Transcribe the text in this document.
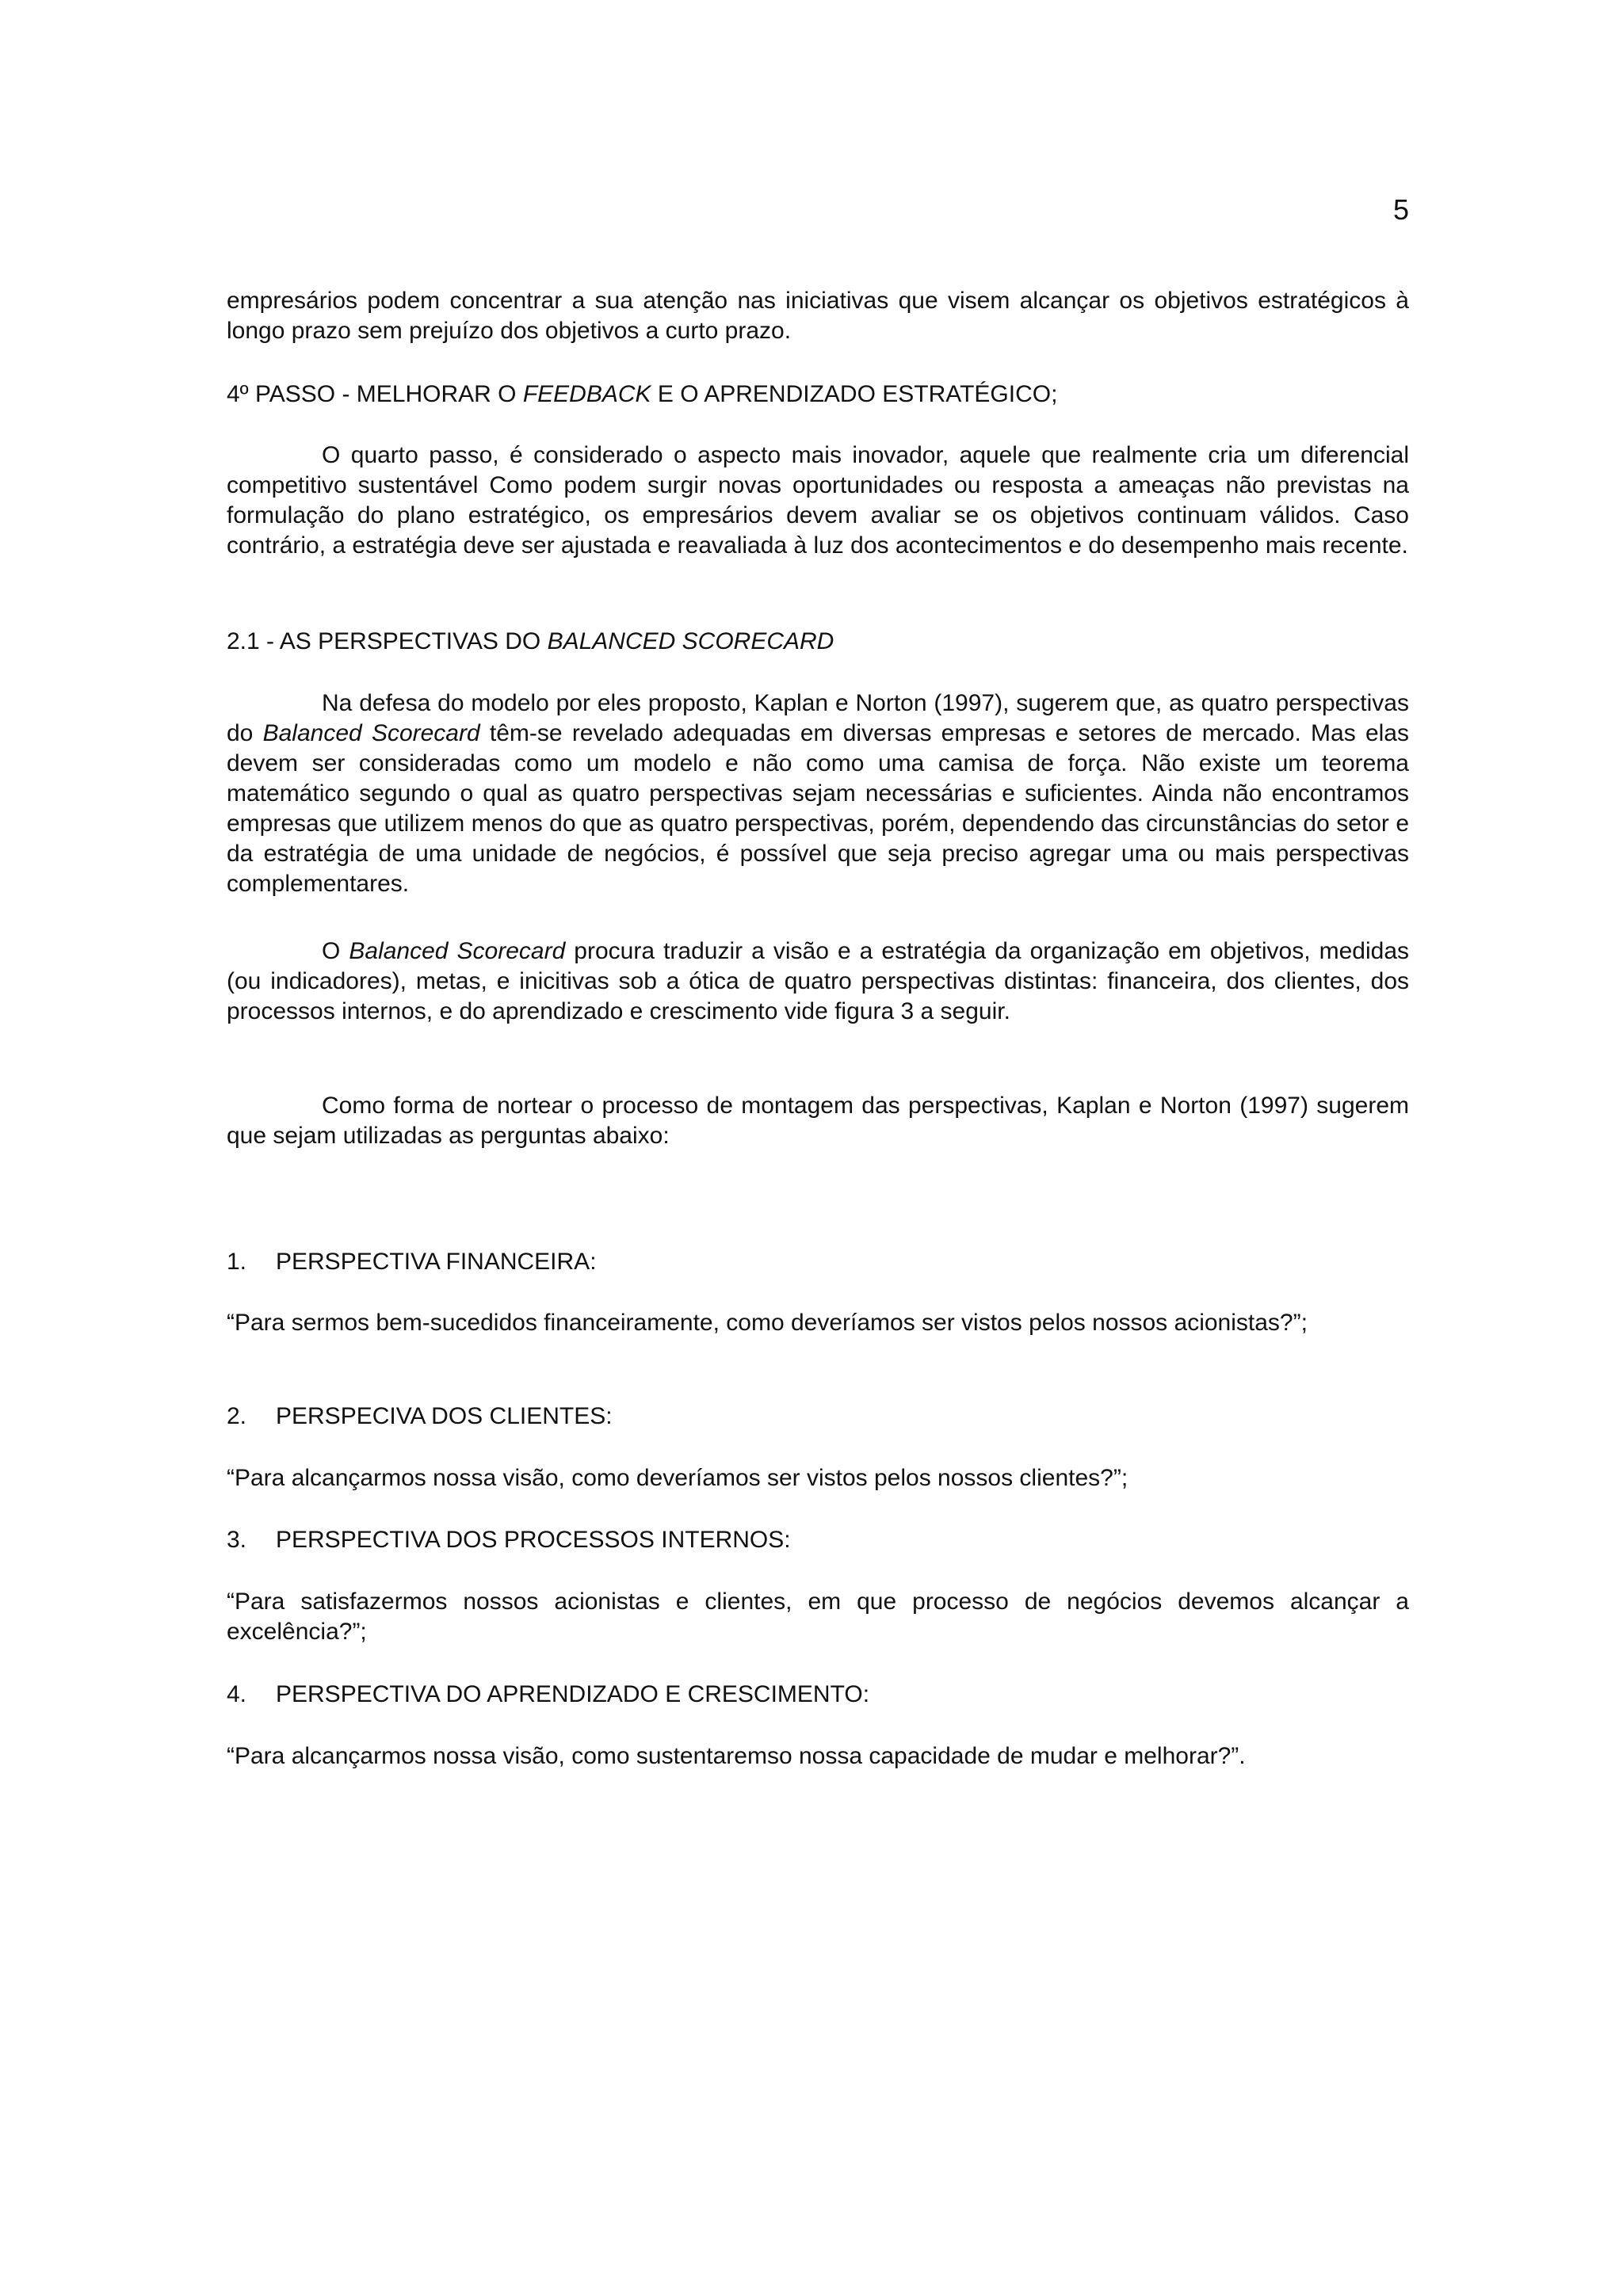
5

empresários podem concentrar a sua atenção nas iniciativas que visem alcançar os objetivos estratégicos à longo prazo sem prejuízo dos objetivos a curto prazo.

4º PASSO - MELHORAR O FEEDBACK E O APRENDIZADO ESTRATÉGICO;

O quarto passo, é considerado o aspecto mais inovador, aquele que realmente cria um diferencial competitivo sustentável Como podem surgir novas oportunidades ou resposta a ameaças não previstas na formulação do plano estratégico, os empresários devem avaliar se os objetivos continuam válidos. Caso contrário, a estratégia deve ser ajustada e reavaliada à luz dos acontecimentos e do desempenho mais recente.

2.1 - AS PERSPECTIVAS DO BALANCED SCORECARD

Na defesa do modelo por eles proposto, Kaplan e Norton (1997), sugerem que, as quatro perspectivas do Balanced Scorecard têm-se revelado adequadas em diversas empresas e setores de mercado. Mas elas devem ser consideradas como um modelo e não como uma camisa de força. Não existe um teorema matemático segundo o qual as quatro perspectivas sejam necessárias e suficientes. Ainda não encontramos empresas que utilizem menos do que as quatro perspectivas, porém, dependendo das circunstâncias do setor e da estratégia de uma unidade de negócios, é possível que seja preciso agregar uma ou mais perspectivas complementares.

O Balanced Scorecard procura traduzir a visão e a estratégia da organização em objetivos, medidas (ou indicadores), metas, e inicitivas sob a ótica de quatro perspectivas distintas: financeira, dos clientes, dos processos internos, e do aprendizado e crescimento vide figura 3 a seguir.

Como forma de nortear o processo de montagem das perspectivas, Kaplan e Norton (1997) sugerem que sejam utilizadas as perguntas abaixo:

1. PERSPECTIVA FINANCEIRA:

“Para sermos bem-sucedidos financeiramente, como deveríamos ser vistos pelos nossos acionistas?”;

2. PERSPECIVA DOS CLIENTES:

“Para alcançarmos nossa visão, como deveríamos ser vistos pelos nossos clientes?”;

3. PERSPECTIVA DOS PROCESSOS INTERNOS:

“Para satisfazermos nossos acionistas e clientes, em que processo de negócios devemos alcançar a excelência?”;

4. PERSPECTIVA DO APRENDIZADO E CRESCIMENTO:

“Para alcançarmos nossa visão, como sustentaremso nossa capacidade de mudar e melhorar?”.
